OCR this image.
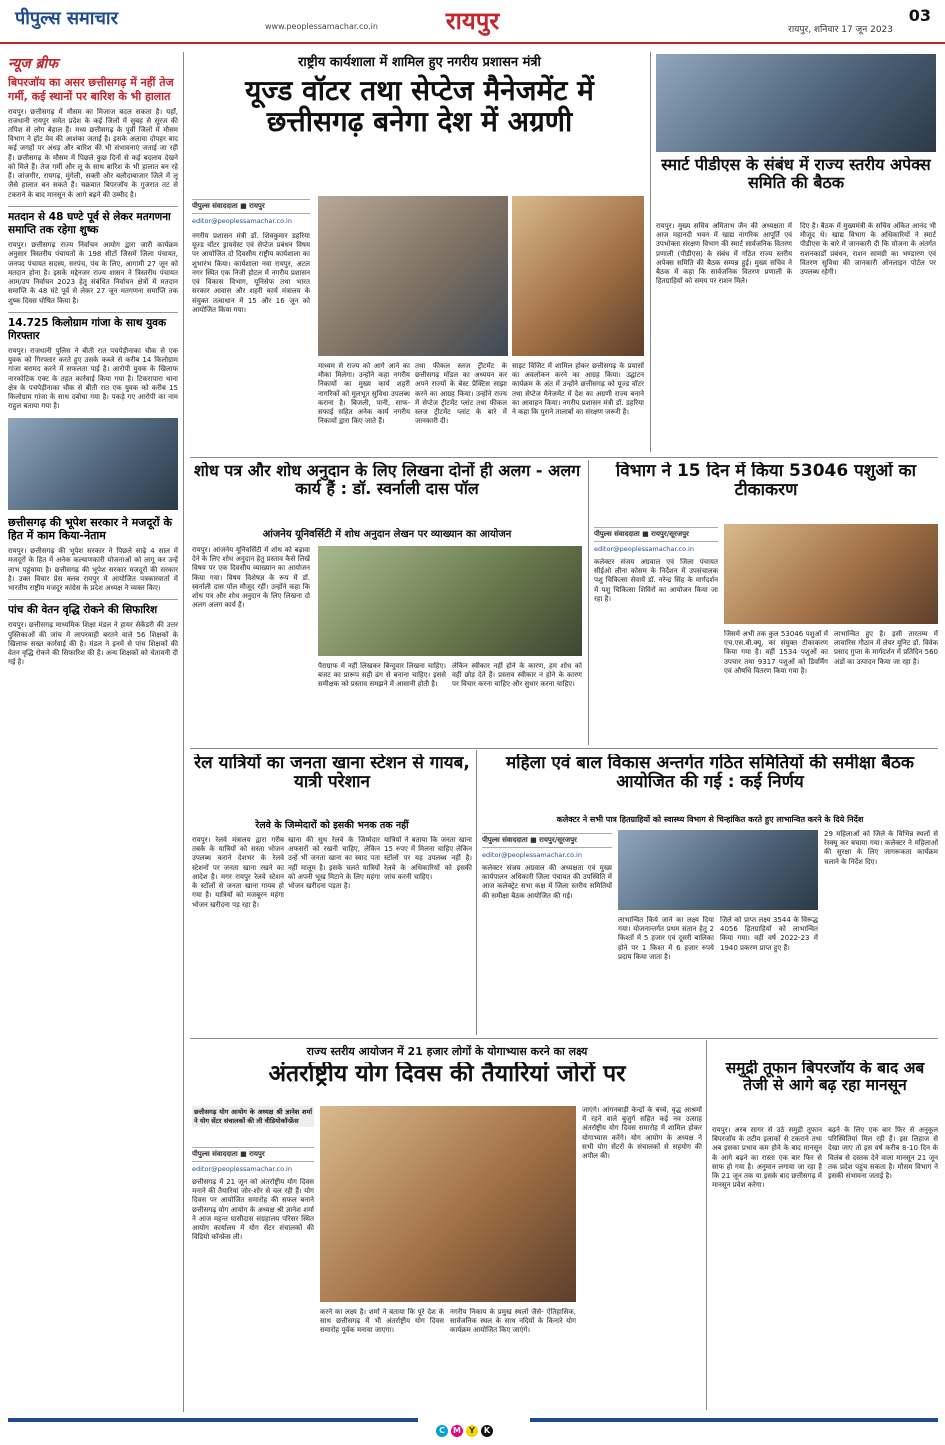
पीपुल्स समाचार	www.peoplessamachar.co.in	रायपुर	रायपुर, शनिवार 17 जून 2023
03
न्यूज ब्रीफ
बिपरजॉय का असर छत्तीसगढ़ में नहीं तेज गर्मी, कई स्थानों पर बारिश के भी हालात
रायपुर। छत्तीसगढ़ में मौसम का मिजाज बदल सकता है। यहाँ, राजधानी रायपुर समेत प्रदेश के कई जिलों में सुबह से सूरज की तपिश से लोग बेहाल हैं। मध्य छत्तीसगढ़ के पूर्वी जिलों में मौसम विभाग ने हॉट वेव की आशंका जताई है। इसके अलावा दोपहर बाद कई जगहों पर अंधड़ और बारिश की भी संभावनाएं जताई जा रही हैं। छत्तीसगढ़ के मौसम में पिछले कुछ दिनों से कई बदलाव देखने को मिले हैं। तेज गर्मी और लू के साथ बारिश के भी हालात बन रहे हैं। जांजगीर, रायगढ़, मुंगेली, सक्ती और बलौदाबाजार जिले में लू जैसे हालात बन सकते हैं। चक्रवात बिपरजॉय के गुजरात तट से टकराने के बाद मानसून के आगे बढ़ने की उम्मीद है।
मतदान से 48 घण्टे पूर्व से लेकर मतगणना समाप्ति तक रहेगा शुष्क
रायपुर। छत्तीसगढ़ राज्य निर्वाचन आयोग द्वारा जारी कार्यक्रम अनुसार त्रिस्तरीय पंचायतों के 198 सीटों जिसमें जिला पंचायत, जनपद पंचायत सदस्य, सरपंच, पंच के लिए, आगामी 27 जून को मतदान होना है। इसके मद्देनजर राज्य शासन ने त्रिस्तरीय पंचायत आम/उप निर्वाचन 2023 हेतु संबंधित निर्वाचन क्षेत्रों में मतदान समाप्ति के 48 घंटे पूर्व से लेकर 27 जून मतगणना समाप्ति तक शुष्क दिवस घोषित किया है।
14.725 किलोग्राम गांजा के साथ युवक गिरफ्तार
रायपुर। राजधानी पुलिस ने बीती रात पचपेड़ीनाका चौक से एक युवक को गिरफ्तार करते हुए उसके कब्जे से करीब 14 किलोग्राम गांजा बरामद करने में सफलता पाई है। आरोपी युवक के खिलाफ नारकोटिक एक्ट के तहत कार्रवाई किया गया है। टिकरापारा थाना क्षेत्र के पचपेड़ीनाका चौक से बीती रात एक युवक को करीब 15 किलोग्राम गांजा के साथ दबोचा गया है। पकड़े गए आरोपी का नाम राहुल बताया गया है।
छत्तीसगढ़ की भूपेश सरकार ने मजदूरों के हित में काम किया-नेताम
रायपुर। छत्तीसगढ़ की भूपेश सरकार ने पिछले साढ़े 4 साल में मजदूरों के हित में अनेक कल्याणकारी योजनाओं को लागू कर उन्हें लाभ पहुंचाया है। छत्तीसगढ़ की भूपेश सरकार मजदूरों की सरकार है। उक्त विचार प्रेस क्लब रायपुर में आयोजित पत्रकारवार्ता में भारतीय राष्ट्रीय मजदूर कांग्रेस के प्रदेश अध्यक्ष ने व्यक्त किए।
पांच की वेतन वृद्धि रोकने की सिफारिश
रायपुर। छत्तीसगढ़ माध्यमिक शिक्षा मंडल ने हायर सेकेंडरी की उत्तर पुस्तिकाओं की जांच में लापरवाही बरतने वाले 56 शिक्षकों के खिलाफ सख्त कार्रवाई की है। मंडल ने इनमें से पांच शिक्षकों की वेतन वृद्धि रोकने की सिफारिश की है। अन्य शिक्षकों को चेतावनी दी गई है।
राष्ट्रीय कार्यशाला में शामिल हुए नगरीय प्रशासन मंत्री
यूज्ड वॉटर तथा सेप्टेज मैनेजमेंट में छत्तीसगढ़ बनेगा देश में अग्रणी
पीपुल्स संवाददाता ■ रायपुर
editor@peoplessamachar.co.in
नगरीय प्रशासन मंत्री डॉ. शिवकुमार डहरिया यूज्ड वॉटर ड्रायवेस्ट एवं सेप्टेज प्रबंधन विषय पर आयोजित दो दिवसीय राष्ट्रीय कार्यशाला का शुभारंभ किया। कार्यशाला नवा रायपुर, अटल नगर स्थित एक निजी होटल में नगरीय प्रशासन एवं विकास विभाग, यूनिसेफ तथा भारत सरकार आवास और शहरी कार्य मंत्रालय के संयुक्त तत्वाधान में 15 और 16 जून को आयोजित किया गया।
माध्यम से राज्य को आगे आने का मौका मिलेगा। उन्होंने कहा नगरीय निकायों का मुख्य कार्य शहरी नागरिकों को मूलभूत सुविधा उपलब्ध कराना है। बिजली, पानी, साफ-सफाई सहित अनेक कार्य नगरीय निकायों द्वारा किए जाते हैं।
तथा फीकल स्लज ट्रीटमेंट के छत्तीसगढ़ मॉडल का अध्ययन कर अपने राज्यों के बेस्ट प्रैक्टिस साझा करने का आग्रह किया। उन्होंने राज्य में सेप्टेज ट्रीटमेंट प्लांट तथा फीकल स्लज ट्रीटमेंट प्लांट के बारे में जानकारी दी।
साइट विजिट में शामिल होकर छत्तीसगढ़ के प्रयासों का अवलोकन करने का आग्रह किया। उद्घाटन कार्यक्रम के अंत में उन्होंने छत्तीसगढ़ को यूज्ड वॉटर तथा सेप्टेज मैनेजमेंट में देश का अग्रणी राज्य बनाने का आवाहन किया। नगरीय प्रशासन मंत्री डॉ. डहरिया ने कहा कि पुराने तालाबों का संरक्षण जरूरी है।
स्मार्ट पीडीएस के संबंध में राज्य स्तरीय अपेक्स समिति की बैठक
रायपुर। मुख्य सचिव अमिताभ जैन की अध्यक्षता में आज महानदी भवन में खाद्य नागरिक आपूर्ति एवं उपभोक्ता संरक्षण विभाग की स्मार्ट सार्वजनिक वितरण प्रणाली (पीडीएस) के संबंध में गठित राज्य स्तरीय अपेक्स समिति की बैठक सम्पन्न हुई। मुख्य सचिव ने बैठक में कहा कि सार्वजनिक वितरण प्रणाली के हितग्राहियों को समय पर राशन मिले।
दिए है। बैठक में मुख्यमंत्री के सचिव अंकित आनंद भी मौजूद थे। खाद्य विभाग के अधिकारियों ने स्मार्ट पीडीएस के बारे में जानकारी दी कि योजना के अंतर्गत राशनकार्डों प्रबंधन, राशन सामग्री का भण्डारण एवं वितरण सुविधा की जानकारी ऑनलाइन पोर्टल पर उपलब्ध रहेगी।
शोध पत्र और शोध अनुदान के लिए लिखना दोनों ही अलग - अलग कार्य हैं : डॉ. स्वर्नाली दास पॉल
आंजनेय यूनिवर्सिटी में शोध अनुदान लेखन पर व्याख्यान का आयोजन
रायपुर। आंजनेय यूनिवर्सिटी में शोध को बढ़ावा देने के लिए शोध अनुदान हेतु प्रस्ताव कैसे लिखें विषय पर एक दिवसीय व्याख्यान का आयोजन किया गया। विषय विशेषज्ञ के रूप में डॉ. स्वर्नाली दास पॉल मौजूद रहीं। उन्होंने कहा कि शोध पत्र और शोध अनुदान के लिए लिखना दो अलग अलग कार्य हैं।
पैराग्राफ में नहीं लिखकर बिन्दुवार लिखना चाहिए। बजट का प्रारूप सही ढंग से बनाना चाहिए। इससे समीक्षक को प्रस्ताव समझने में आसानी होती है।
लेकिन स्वीकार नहीं होने के कारण, हम शोध को वहीं छोड़ देते हैं। प्रस्ताव स्वीकार न होने के कारण पर विचार करना चाहिए और सुधार करना चाहिए।
विभाग ने 15 दिन में किया 53046 पशुओं का टीकाकरण
पीपुल्स संवाददाता ■ रायपुर/सूरजपुर
editor@peoplessamachar.co.in
कलेक्टर संजय अग्रवाल एवं जिला पंचायत सीईओ लीना कोसम के निर्देशन में उपसंचालक पशु चिकित्सा सेवायें डॉ. नरेन्द्र सिंह के मार्गदर्शन में पशु चिकित्सा शिविरों का आयोजन किया जा रहा है।
जिसमें अभी तक कुल 53046 पशुओं में एच.एस.बी.क्यू. का संयुक्त टीकाकरण किया गया है। वहीं 1534 पशुओं का उपचार तथा 9317 पशुओं को डिवर्मिंग एवं औषधि वितरण किया गया है।
लाभान्वित हुए है। इसी तारतम्य में लावारिस गौठान में लेयर यूनिट डॉ. विवेक प्रसाद गुप्ता के मार्गदर्शन में प्रतिदिन 560 अंडों का उत्पादन किया जा रहा है।
रेल यात्रियों का जनता खाना स्टेशन से गायब, यात्री परेशान
रेलवे के जिम्मेदारों को इसकी भनक तक नहीं
रायपुर। रेलवे मंत्रालय द्वारा गरीब तबके के यात्रियों को सस्ता भोजन उपलब्ध कराने देशभर के रेलवे स्टेशनों पर जनता खाना रखने का आदेश है। मगर रायपुर रेलवे स्टेशन के स्टॉलों से जनता खाना गायब हो गया है। यात्रियों को मजबूरन महंगा भोजन खरीदना पड़ रहा है।
खाना की सुध रेलवे के जिम्मेदार अफसरों को रखनी चाहिए, लेकिन उन्हें भी जनता खाना का स्वाद पता नहीं मालूम है। इसके चलते यात्रियों को अपनी भूख मिटाने के लिए महंगा भोजन खरीदना पड़ता है।
यात्रियों ने बताया कि जनता खाना 15 रुपए में मिलना चाहिए लेकिन स्टॉलों पर यह उपलब्ध नहीं है। रेलवे के अधिकारियों को इसकी जांच करनी चाहिए।
महिला एवं बाल विकास अन्तर्गत गठित समितियों की समीक्षा बैठक आयोजित की गई : कई निर्णय
कलेक्टर ने सभी पात्र हितग्राहियों को स्वास्थ्य विभाग से चिन्हांकित करते हुए लाभान्वित करने के दिये निर्देश
पीपुल्स संवाददाता ■ रायपुर/सूरजपुर
editor@peoplessamachar.co.in
कलेक्टर संजय अग्रवाल की अध्यक्षता एवं मुख्य कार्यपालन अधिकारी जिला पंचायत की उपस्थिति में आज कलेक्ट्रेट सभा कक्ष में जिला स्तरीय समितियों की समीक्षा बैठक आयोजित की गई।
लाभान्वित किये जाने का लक्ष्य दिया गया। योजनान्तर्गत प्रथम संतान हेतु 2 किश्तों में 5 हजार एवं दूसरी बालिका होने पर 1 किश्त में 6 हजार रुपये प्रदाय किया जाता है।
जिले को प्राप्त लक्ष्य 3544 के विरूद्ध 4056 हितग्राहियों को लाभान्वित किया गया। वहीं वर्ष 2022-23 में 1940 प्रकरण प्राप्त हुए हैं।
29 महिलाओं को जिले के विभिन्न स्थलों से रेस्क्यू कर बचाया गया। कलेक्टर ने महिलाओं की सुरक्षा के लिए जागरूकता कार्यक्रम चलाने के निर्देश दिए।
राज्य स्तरीय आयोजन में 21 हजार लोगों के योगाभ्यास करने का लक्ष्य
अंतर्राष्ट्रीय योग दिवस की तैयारियां जोरों पर
छत्तीसगढ़ योग आयोग के अध्यक्ष श्री ज्ञानेश शर्मा ने योग सेंटर संचालकों की ली वीडियोकॉन्फ्रेंस
पीपुल्स संवाददाता ■ रायपुर
editor@peoplessamachar.co.in
छत्तीसगढ़ में 21 जून को अंतर्राष्ट्रीय योग दिवस मनाने की तैयारियां जोर-शोर से चल रही हैं। योग दिवस पर आयोजित समारोह की सफल बनाने छत्तीसगढ़ योग आयोग के अध्यक्ष श्री ज्ञानेश शर्मा ने आज महन्त घासीदास संग्रहालय परिसर स्थित आयोग कार्यालय में योग सेंटर संचालकों की विडियो कॉन्फ्रेंस ली।
करने का लक्ष्य है। शर्मा ने बताया कि पूरे देश के साथ छत्तीसगढ़ में भी अंतर्राष्ट्रीय योग दिवस समारोह पूर्वक मनाया जाएगा।
नगरीय निकाय के प्रमुख स्थलों जैसे- ऐतिहासिक, सार्वजनिक स्थल के साथ नदियों के किनारे योग कार्यक्रम आयोजित किए जाएंगे।
जाएंगे। आंगनबाड़ी केन्द्रों के बच्चे, वृद्ध आश्रमों में रहने वाले बुजुर्ग सहित कई नव उत्साह अंतर्राष्ट्रीय योग दिवस समारोह में शामिल होकर योगाभ्यास करेंगे। योग आयोग के अध्यक्ष ने सभी योग सेंटरों के संचालकों से सहयोग की अपील की।
समुद्री तूफान बिपरजॉय के बाद अब तेजी से आगे बढ़ रहा मानसून
रायपुर। अरब सागर से उठे समुद्री तूफान बिपरजॉय के तटीय इलाकों से टकराने तथा अब इसका प्रभाव कम होने के बाद मानसून के आगे बढ़ने का रास्ता एक बार फिर से साफ हो गया है। अनुमान लगाया जा रहा है कि 21 जून तक या इसके बाद छत्तीसगढ़ में मानसून प्रवेश करेगा।
बढ़ने के लिए एक बार फिर से अनुकूल परिस्थितियां मिल रही हैं। इस लिहाज से देखा जाए तो इस वर्ष करीब 8-10 दिन के विलंब से दस्तक देने वाला मानसून 21 जून तक प्रदेश पहुंच सकता है। मौसम विभाग ने इसकी संभावना जताई है।
C	M	Y	K
